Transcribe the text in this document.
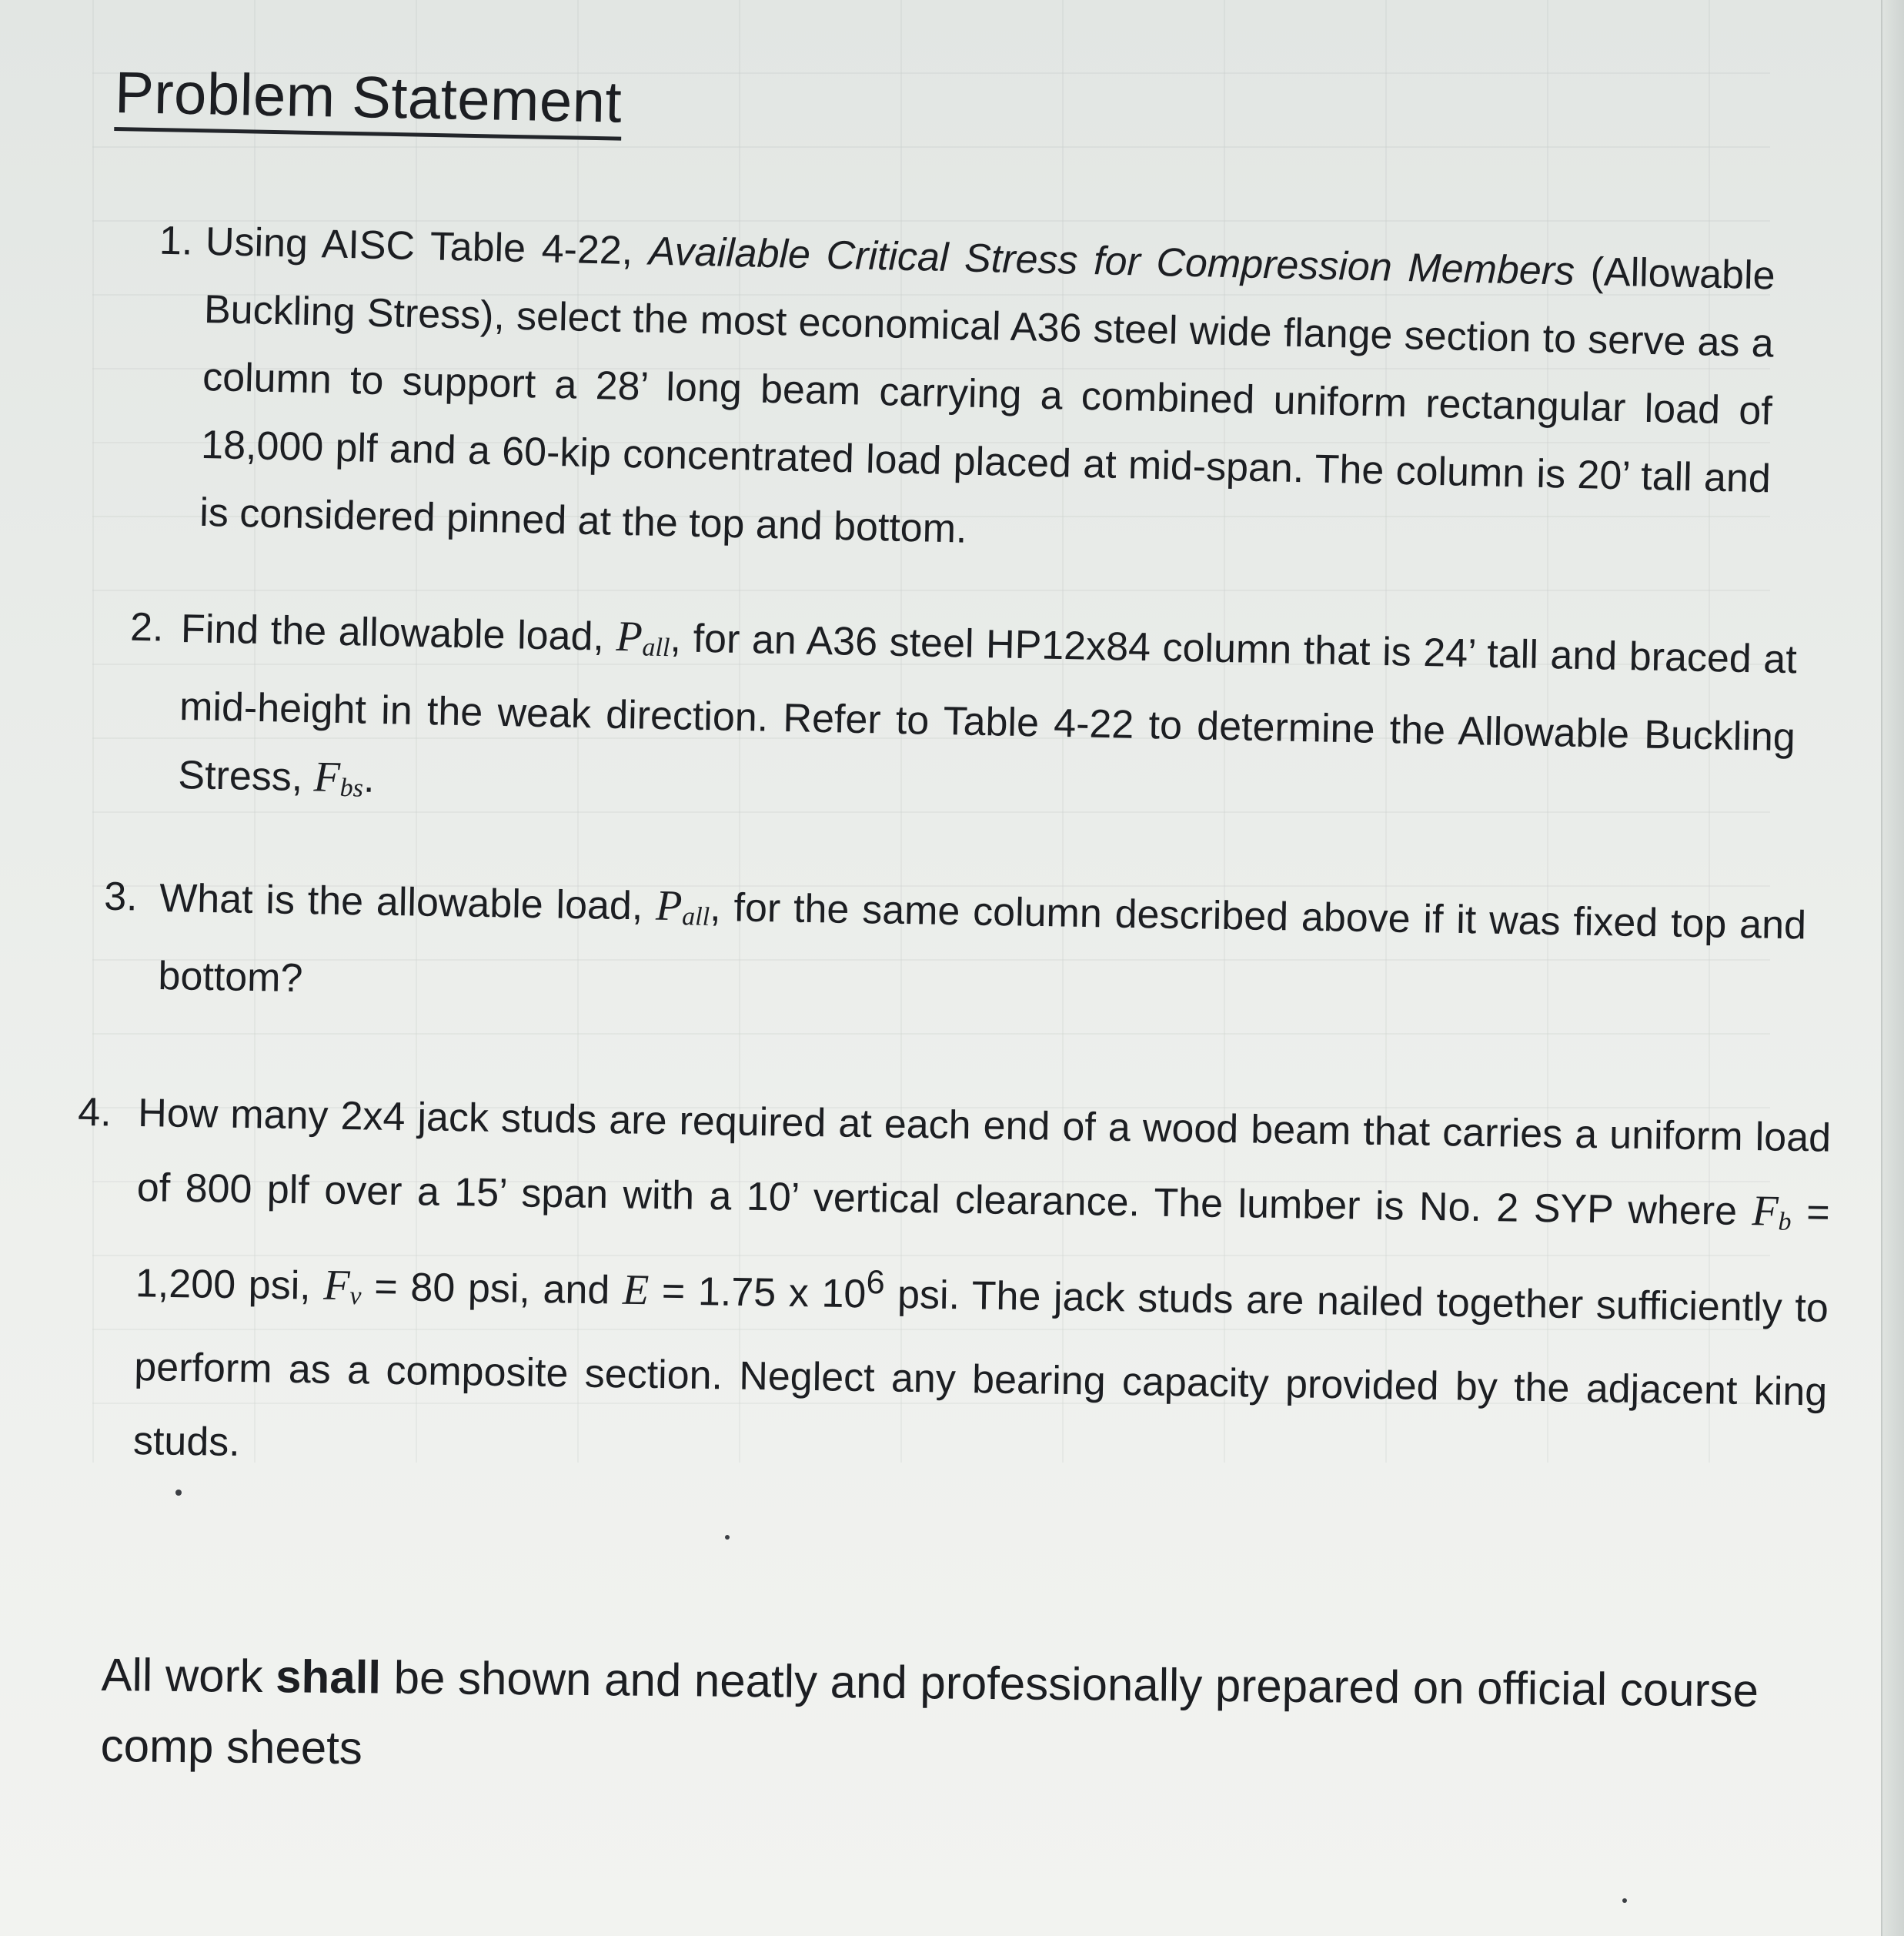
Problem Statement

1. Using AISC Table 4-22, Available Critical Stress for Compression Members (Allowable Buckling Stress), select the most economical A36 steel wide flange section to serve as a column to support a 28’ long beam carrying a combined uniform rectangular load of 18,000 plf and a 60-kip concentrated load placed at mid-span. The column is 20’ tall and is considered pinned at the top and bottom.

2. Find the allowable load, $P_{all}$, for an A36 steel HP12x84 column that is 24’ tall and braced at mid-height in the weak direction. Refer to Table 4-22 to determine the Allowable Buckling Stress, $F_{bs}$.

3. What is the allowable load, $P_{all}$, for the same column described above if it was fixed top and bottom?

4. How many 2x4 jack studs are required at each end of a wood beam that carries a uniform load of 800 plf over a 15’ span with a 10’ vertical clearance. The lumber is No. 2 SYP where $F_b = 1,200$ psi, $F_v = 80$ psi, and E = 1.75 x $10^6$ psi. The jack studs are nailed together sufficiently to perform as a composite section. Neglect any bearing capacity provided by the adjacent king studs.

All work shall be shown and neatly and professionally prepared on official course comp sheets
